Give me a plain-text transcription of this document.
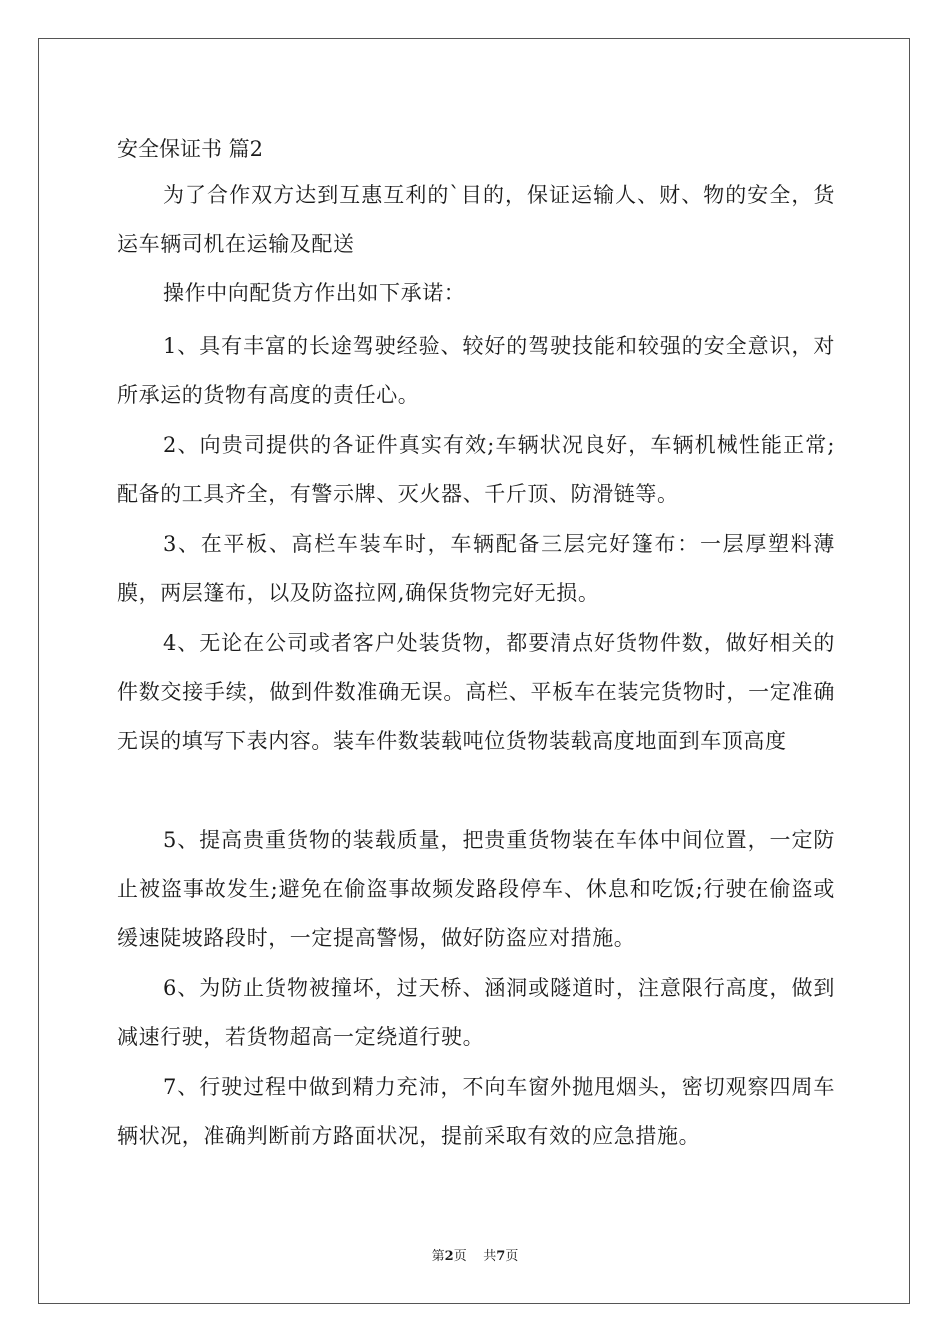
安全保证书 篇2

为了合作双方达到互惠互利的`目的，保证运输人、财、物的安全，货运车辆司机在运输及配送

操作中向配货方作出如下承诺：

1、具有丰富的长途驾驶经验、较好的驾驶技能和较强的安全意识，对所承运的货物有高度的责任心。

2、向贵司提供的各证件真实有效;车辆状况良好，车辆机械性能正常;配备的工具齐全，有警示牌、灭火器、千斤顶、防滑链等。

3、在平板、高栏车装车时，车辆配备三层完好篷布：一层厚塑料薄膜，两层篷布，以及防盗拉网,确保货物完好无损。

4、无论在公司或者客户处装货物，都要清点好货物件数，做好相关的件数交接手续，做到件数准确无误。高栏、平板车在装完货物时，一定准确无误的填写下表内容。装车件数装载吨位货物装载高度地面到车顶高度

5、提高贵重货物的装载质量，把贵重货物装在车体中间位置，一定防止被盗事故发生;避免在偷盗事故频发路段停车、休息和吃饭;行驶在偷盗或缓速陡坡路段时，一定提高警惕，做好防盗应对措施。

6、为防止货物被撞坏，过天桥、涵洞或隧道时，注意限行高度，做到减速行驶，若货物超高一定绕道行驶。

7、行驶过程中做到精力充沛，不向车窗外抛甩烟头，密切观察四周车辆状况，准确判断前方路面状况，提前采取有效的应急措施。

第2页 共7页
